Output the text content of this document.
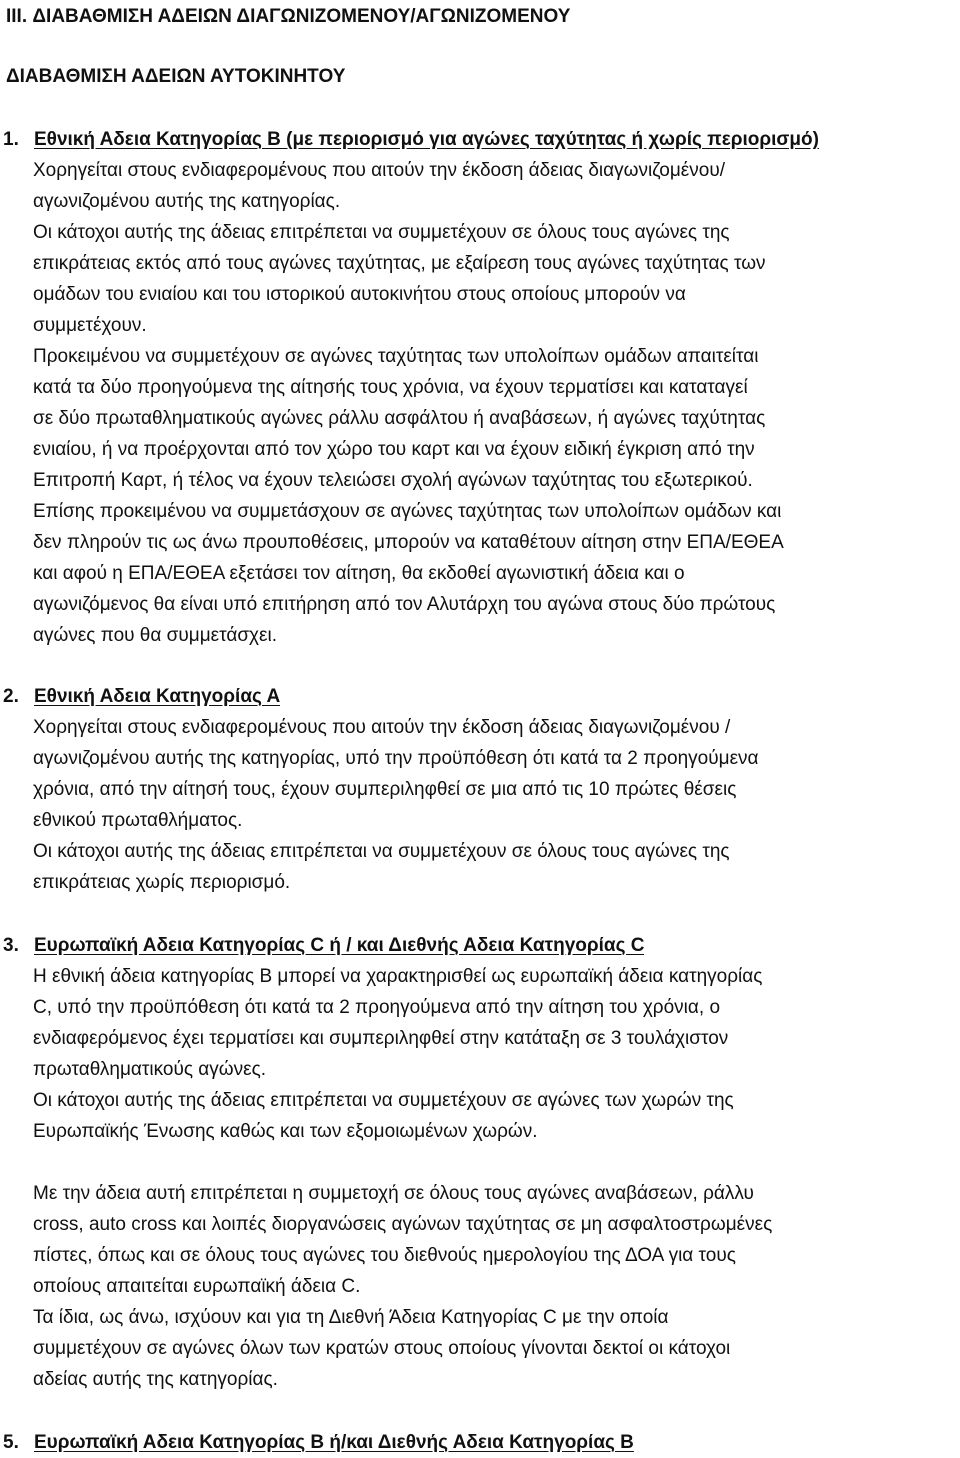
III. ΔΙΑΒΑΘΜΙΣΗ ΑΔΕΙΩΝ ΔΙΑΓΩΝΙΖΟΜΕΝΟΥ/ΑΓΩΝΙΖΟΜΕΝΟΥ
ΔΙΑΒΑΘΜΙΣΗ ΑΔΕΙΩΝ ΑΥΤΟΚΙΝΗΤΟΥ
1. Εθνική Αδεια Κατηγορίας Β (με περιορισμό για αγώνες ταχύτητας ή χωρίς περιορισμό)
Χορηγείται στους ενδιαφερομένους που αιτούν την έκδοση άδειας διαγωνιζομένου/
αγωνιζομένου αυτής της κατηγορίας.
Οι κάτοχοι αυτής της άδειας επιτρέπεται να συμμετέχουν σε όλους τους αγώνες της
επικράτειας εκτός από τους αγώνες ταχύτητας, με εξαίρεση τους αγώνες ταχύτητας των
ομάδων του ενιαίου και του ιστορικού αυτοκινήτου στους οποίους μπορούν να
συμμετέχουν.
Προκειμένου να συμμετέχουν σε αγώνες ταχύτητας των υπολοίπων ομάδων απαιτείται
κατά τα δύο προηγούμενα της αίτησής τους χρόνια, να έχουν τερματίσει και καταταγεί
σε δύο πρωταθληματικούς αγώνες ράλλυ ασφάλτου ή αναβάσεων, ή αγώνες ταχύτητας
ενιαίου, ή να προέρχονται από τον χώρο του καρτ και να έχουν ειδική έγκριση από την
Επιτροπή Καρτ, ή τέλος να έχουν τελειώσει σχολή αγώνων ταχύτητας του εξωτερικού.
Επίσης προκειμένου να συμμετάσχουν σε αγώνες ταχύτητας των υπολοίπων ομάδων και
δεν πληρούν τις ως άνω προυποθέσεις, μπορούν να καταθέτουν αίτηση στην ΕΠΑ/ΕΘΕΑ
και αφού η ΕΠΑ/ΕΘΕΑ εξετάσει τον αίτηση, θα εκδοθεί αγωνιστική άδεια και ο
αγωνιζόμενος θα είναι υπό επιτήρηση από τον Αλυτάρχη του αγώνα στους δύο πρώτους
αγώνες που θα συμμετάσχει.
2. Εθνική Αδεια Κατηγορίας Α
Χορηγείται στους ενδιαφερομένους που αιτούν την έκδοση άδειας διαγωνιζομένου /
αγωνιζομένου αυτής της κατηγορίας, υπό την προϋπόθεση ότι κατά τα 2 προηγούμενα
χρόνια, από την αίτησή τους, έχουν συμπεριληφθεί σε μια από τις 10 πρώτες θέσεις
εθνικού πρωταθλήματος.
Οι κάτοχοι αυτής της άδειας επιτρέπεται να συμμετέχουν σε όλους τους αγώνες της
επικράτειας χωρίς περιορισμό.
3. Ευρωπαϊκή Αδεια Κατηγορίας C ή / και Διεθνής Αδεια Κατηγορίας C
Η εθνική άδεια κατηγορίας Β μπορεί να χαρακτηρισθεί ως ευρωπαϊκή άδεια κατηγορίας
C, υπό την προϋπόθεση ότι κατά τα 2 προηγούμενα από την αίτηση του χρόνια, ο
ενδιαφερόμενος έχει τερματίσει και συμπεριληφθεί στην κατάταξη σε 3 τουλάχιστον
πρωταθληματικούς αγώνες.
Οι κάτοχοι αυτής της άδειας επιτρέπεται να συμμετέχουν σε αγώνες των χωρών της
Ευρωπαϊκής Ένωσης καθώς και των εξομοιωμένων χωρών.
Με την άδεια αυτή επιτρέπεται η συμμετοχή σε όλους τους αγώνες αναβάσεων, ράλλυ
cross, auto cross και λοιπές διοργανώσεις αγώνων ταχύτητας σε μη ασφαλτοστρωμένες
πίστες, όπως και σε όλους τους αγώνες του διεθνούς ημερολογίου της ΔΟΑ για τους
οποίους απαιτείται ευρωπαϊκή άδεια C.
Τα ίδια, ως άνω, ισχύουν και για τη Διεθνή Άδεια Κατηγορίας C με την οποία
συμμετέχουν σε αγώνες όλων των κρατών στους οποίους γίνονται δεκτοί οι κάτοχοι
αδείας αυτής της κατηγορίας.
5. Ευρωπαϊκή Αδεια Κατηγορίας Β ή/και Διεθνής Αδεια Κατηγορίας Β
